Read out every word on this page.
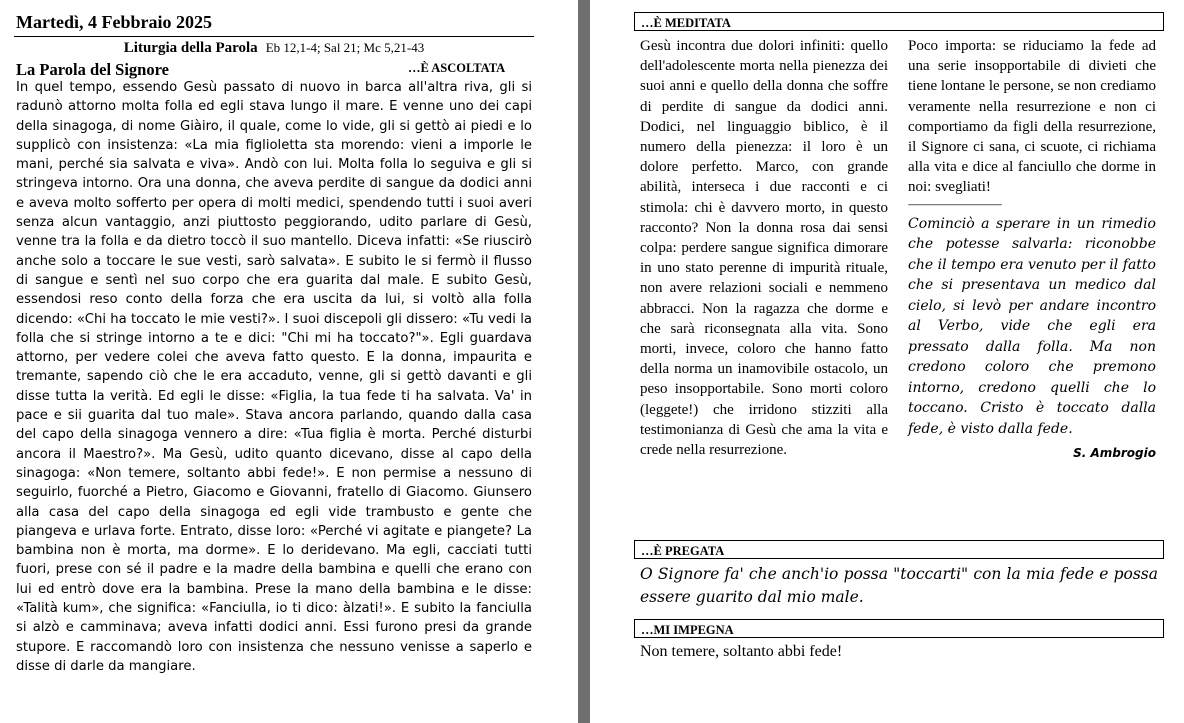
Martedì, 4 Febbraio 2025
Liturgia della Parola Eb 12,1-4; Sal 21; Mc 5,21-43
La Parola del Signore	…È ASCOLTATA
In quel tempo, essendo Gesù passato di nuovo in barca all'altra riva, gli si radunò attorno molta folla ed egli stava lungo il mare. E venne uno dei capi della sinagoga, di nome Giàiro, il quale, come lo vide, gli si gettò ai piedi e lo supplicò con insistenza: «La mia figlioletta sta morendo: vieni a imporle le mani, perché sia salvata e viva». Andò con lui. Molta folla lo seguiva e gli si stringeva intorno. Ora una donna, che aveva perdite di sangue da dodici anni e aveva molto sofferto per opera di molti medici, spendendo tutti i suoi averi senza alcun vantaggio, anzi piuttosto peggiorando, udito parlare di Gesù, venne tra la folla e da dietro toccò il suo mantello. Diceva infatti: «Se riuscirò anche solo a toccare le sue vesti, sarò salvata». E subito le si fermò il flusso di sangue e sentì nel suo corpo che era guarita dal male. E subito Gesù, essendosi reso conto della forza che era uscita da lui, si voltò alla folla dicendo: «Chi ha toccato le mie vesti?». I suoi discepoli gli dissero: «Tu vedi la folla che si stringe intorno a te e dici: "Chi mi ha toccato?"». Egli guardava attorno, per vedere colei che aveva fatto questo. E la donna, impaurita e tremante, sapendo ciò che le era accaduto, venne, gli si gettò davanti e gli disse tutta la verità. Ed egli le disse: «Figlia, la tua fede ti ha salvata. Va' in pace e sii guarita dal tuo male». Stava ancora parlando, quando dalla casa del capo della sinagoga vennero a dire: «Tua figlia è morta. Perché disturbi ancora il Maestro?». Ma Gesù, udito quanto dicevano, disse al capo della sinagoga: «Non temere, soltanto abbi fede!». E non permise a nessuno di seguirlo, fuorché a Pietro, Giacomo e Giovanni, fratello di Giacomo. Giunsero alla casa del capo della sinagoga ed egli vide trambusto e gente che piangeva e urlava forte. Entrato, disse loro: «Perché vi agitate e piangete? La bambina non è morta, ma dorme». E lo deridevano. Ma egli, cacciati tutti fuori, prese con sé il padre e la madre della bambina e quelli che erano con lui ed entrò dove era la bambina. Prese la mano della bambina e le disse: «Talità kum», che significa: «Fanciulla, io ti dico: àlzati!». E subito la fanciulla si alzò e camminava; aveva infatti dodici anni. Essi furono presi da grande stupore. E raccomandò loro con insistenza che nessuno venisse a saperlo e disse di darle da mangiare.
…È MEDITATA
Gesù incontra due dolori infiniti: quello dell'adolescente morta nella pienezza dei suoi anni e quello della donna che soffre di perdite di sangue da dodici anni. Dodici, nel linguaggio biblico, è il numero della pienezza: il loro è un dolore perfetto. Marco, con grande abilità, interseca i due racconti e ci stimola: chi è davvero morto, in questo racconto? Non la donna rosa dai sensi colpa: perdere sangue significa dimorare in uno stato perenne di impurità rituale, non avere relazioni sociali e nemmeno abbracci. Non la ragazza che dorme e che sarà riconsegnata alla vita. Sono morti, invece, coloro che hanno fatto della norma un inamovibile ostacolo, un peso insopportabile. Sono morti coloro (leggete!) che irridono stizziti alla testimonianza di Gesù che ama la vita e crede nella resurrezione.
Poco importa: se riduciamo la fede ad una serie insopportabile di divieti che tiene lontane le persone, se non crediamo veramente nella resurrezione e non ci comportiamo da figli della resurrezione, il Signore ci sana, ci scuote, ci richiama alla vita e dice al fanciullo che dorme in noi: svegliati!
--------------------------------------------------------
Cominciò a sperare in un rimedio che potesse salvarla: riconobbe che il tempo era venuto per il fatto che si presentava un medico dal cielo, si levò per andare incontro al Verbo, vide che egli era pressato dalla folla. Ma non credono coloro che premono intorno, credono quelli che lo toccano. Cristo è toccato dalla fede, è visto dalla fede.
S. Ambrogio
…È PREGATA
O Signore fa' che anch'io possa "toccarti" con la mia fede e possa essere guarito dal mio male.
…MI IMPEGNA
Non temere, soltanto abbi fede!
